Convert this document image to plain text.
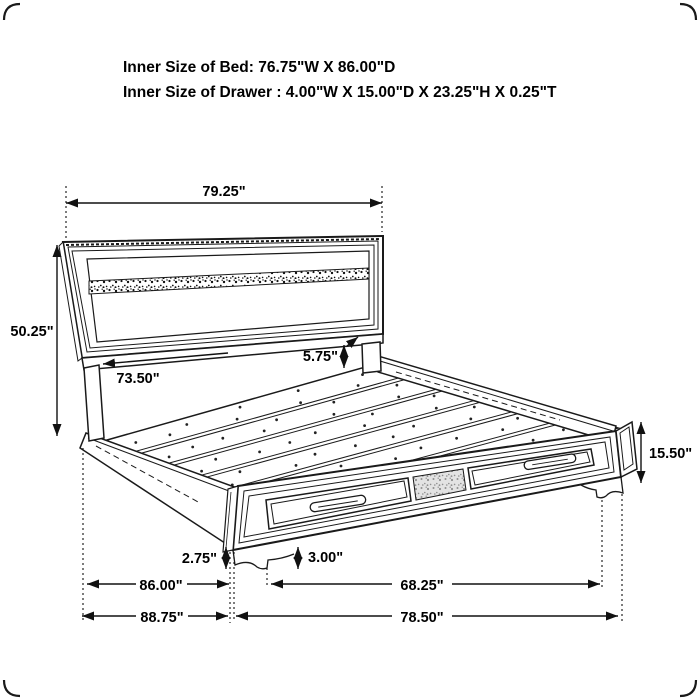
Inner Size of Bed: 76.75"W X 86.00"D
Inner Size of Drawer : 4.00"W X 15.00"D X 23.25"H X 0.25"T
79.25"
50.25"
73.50"
5.75"
15.50"
2.75"	3.00"
86.00"	68.25"
88.75"	78.50"
